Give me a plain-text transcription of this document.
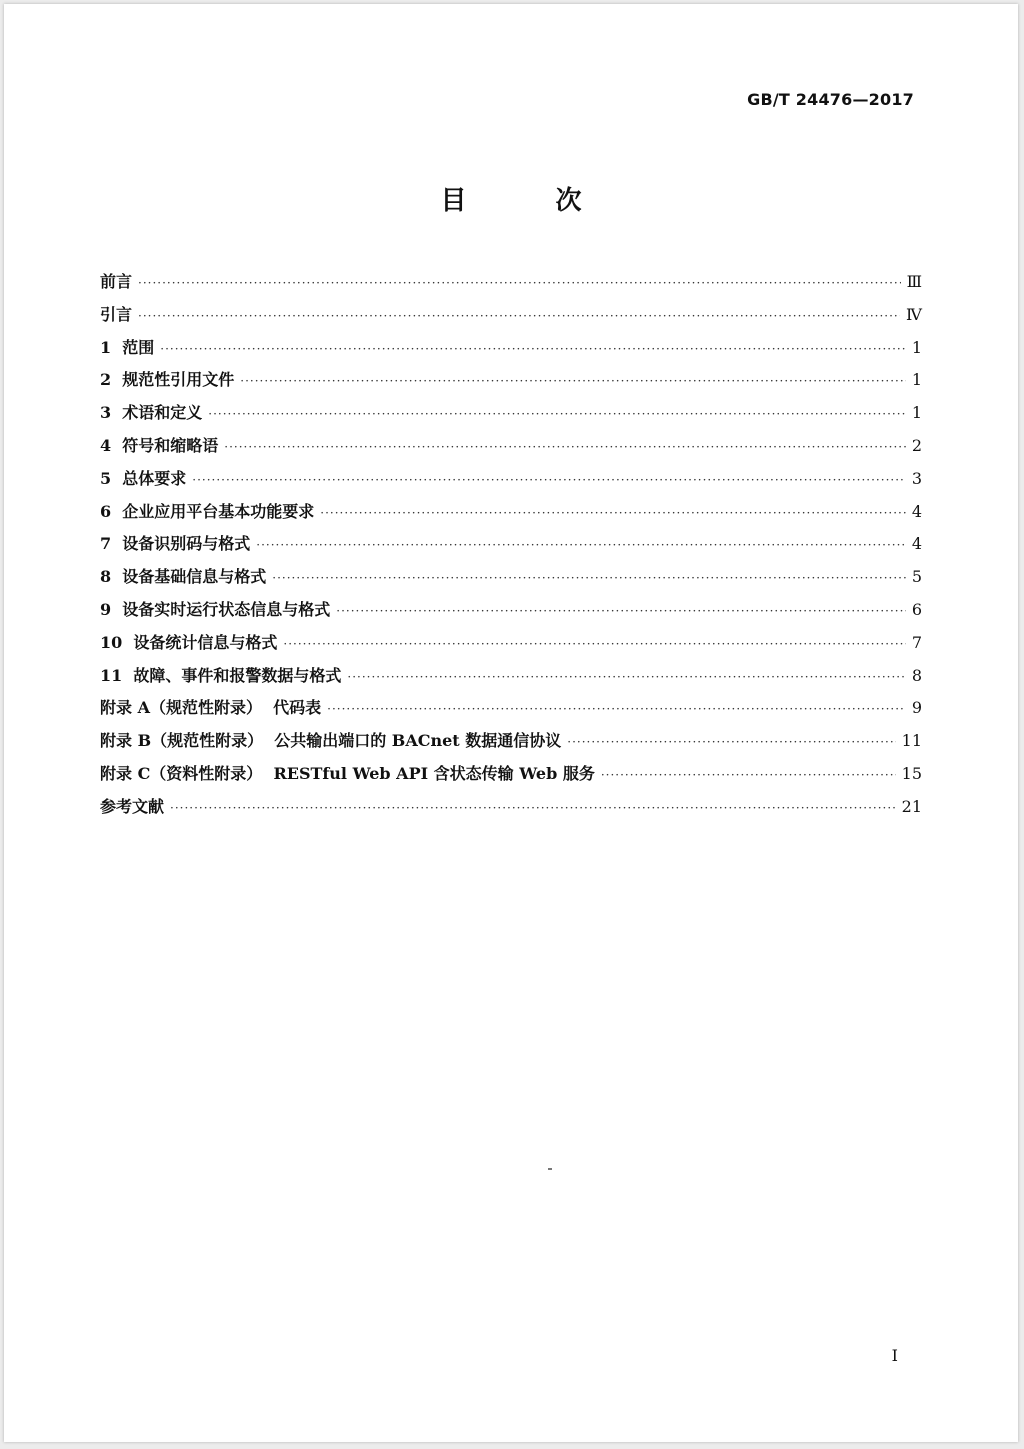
GB/T 24476—2017
目 次
前言 ·····	Ⅲ
引言 ·····	Ⅳ
1  范围 ·····	1
2  规范性引用文件 ·····	1
3  术语和定义 ·····	1
4  符号和缩略语 ·····	2
5  总体要求 ·····	3
6  企业应用平台基本功能要求 ·····	4
7  设备识别码与格式 ·····	4
8  设备基础信息与格式 ·····	5
9  设备实时运行状态信息与格式 ·····	6
10  设备统计信息与格式 ·····	7
11  故障、事件和报警数据与格式 ·····	8
附录 A（规范性附录）  代码表 ·····	9
附录 B（规范性附录）  公共输出端口的 BACnet 数据通信协议 ·····	11
附录 C（资料性附录）  RESTful Web API 含状态传输 Web 服务 ·····	15
参考文献 ·····	21
I
